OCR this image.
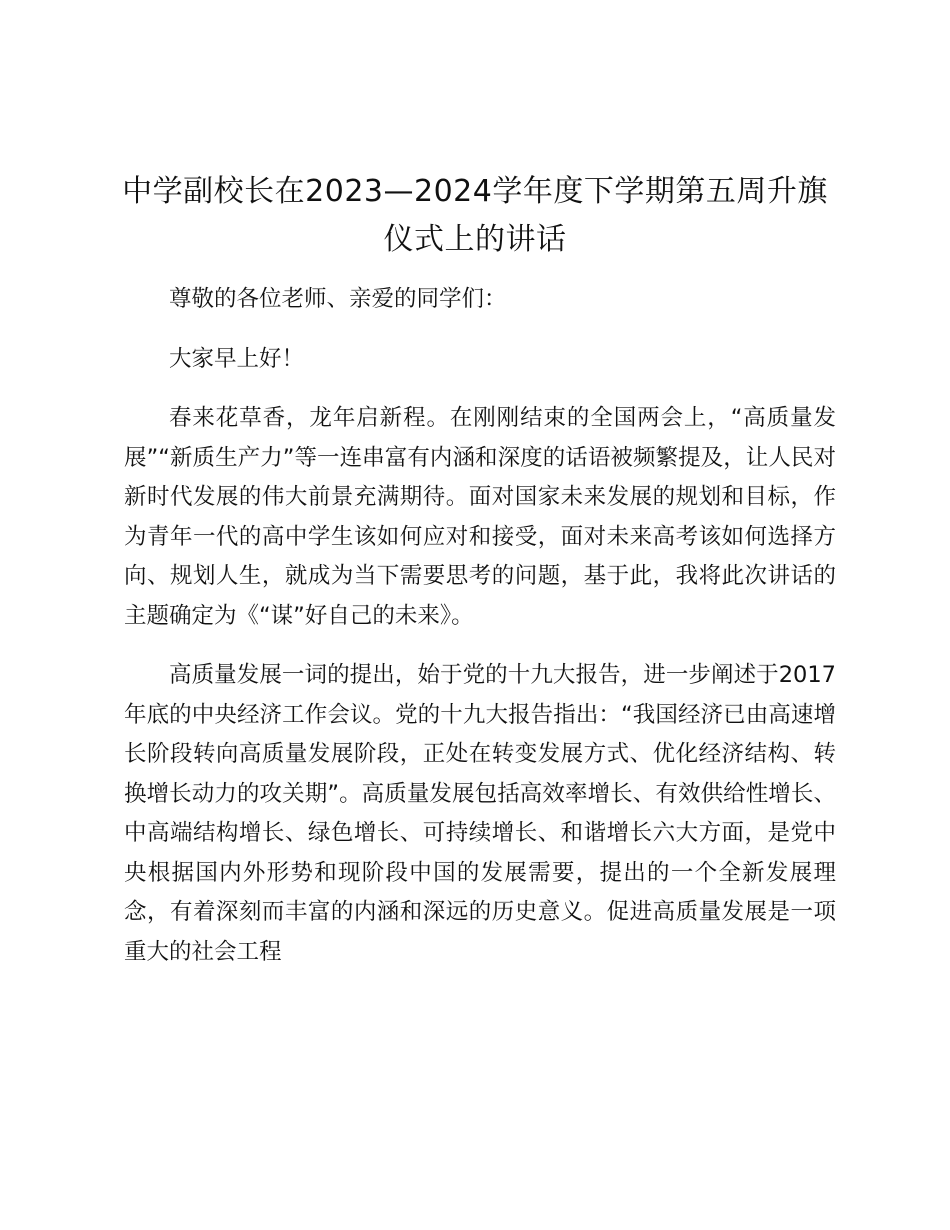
中学副校长在2023—2024学年度下学期第五周升旗仪式上的讲话

尊敬的各位老师、亲爱的同学们：

大家早上好！

春来花草香，龙年启新程。在刚刚结束的全国两会上，“高质量发展”“新质生产力”等一连串富有内涵和深度的话语被频繁提及，让人民对新时代发展的伟大前景充满期待。面对国家未来发展的规划和目标，作为青年一代的高中学生该如何应对和接受，面对未来高考该如何选择方向、规划人生，就成为当下需要思考的问题，基于此，我将此次讲话的主题确定为《“谋”好自己的未来》。

高质量发展一词的提出，始于党的十九大报告，进一步阐述于2017年底的中央经济工作会议。党的十九大报告指出：“我国经济已由高速增长阶段转向高质量发展阶段，正处在转变发展方式、优化经济结构、转换增长动力的攻关期”。高质量发展包括高效率增长、有效供给性增长、中高端结构增长、绿色增长、可持续增长、和谐增长六大方面，是党中央根据国内外形势和现阶段中国的发展需要，提出的一个全新发展理念，有着深刻而丰富的内涵和深远的历史意义。促进高质量发展是一项重大的社会工程
